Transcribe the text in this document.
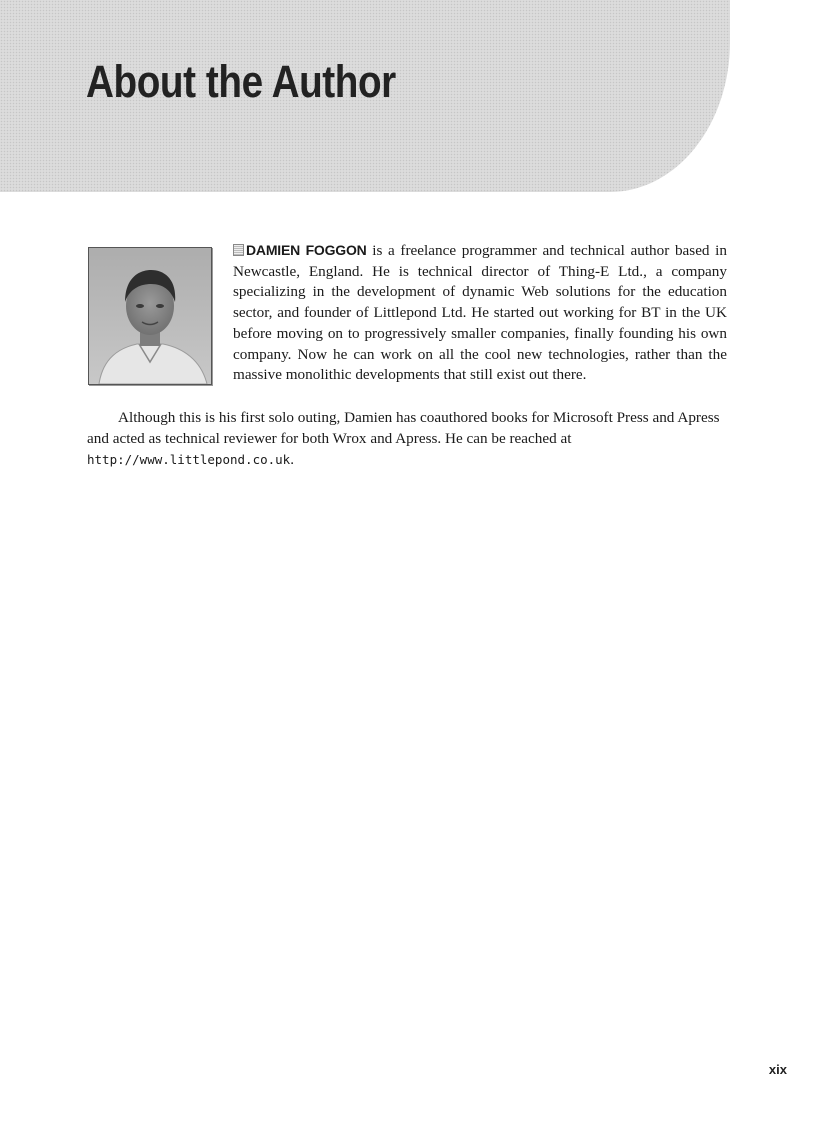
About the Author

DAMIEN FOGGON is a freelance programmer and technical author based in Newcastle, England. He is technical director of Thing-E Ltd., a company specializing in the development of dynamic Web solutions for the education sector, and founder of Littlepond Ltd. He started out working for BT in the UK before moving on to progressively smaller companies, finally founding his own company. Now he can work on all the cool new technologies, rather than the massive monolithic developments that still exist out there.

Although this is his first solo outing, Damien has coauthored books for Microsoft Press and Apress and acted as technical reviewer for both Wrox and Apress. He can be reached at http://www.littlepond.co.uk.

xix
